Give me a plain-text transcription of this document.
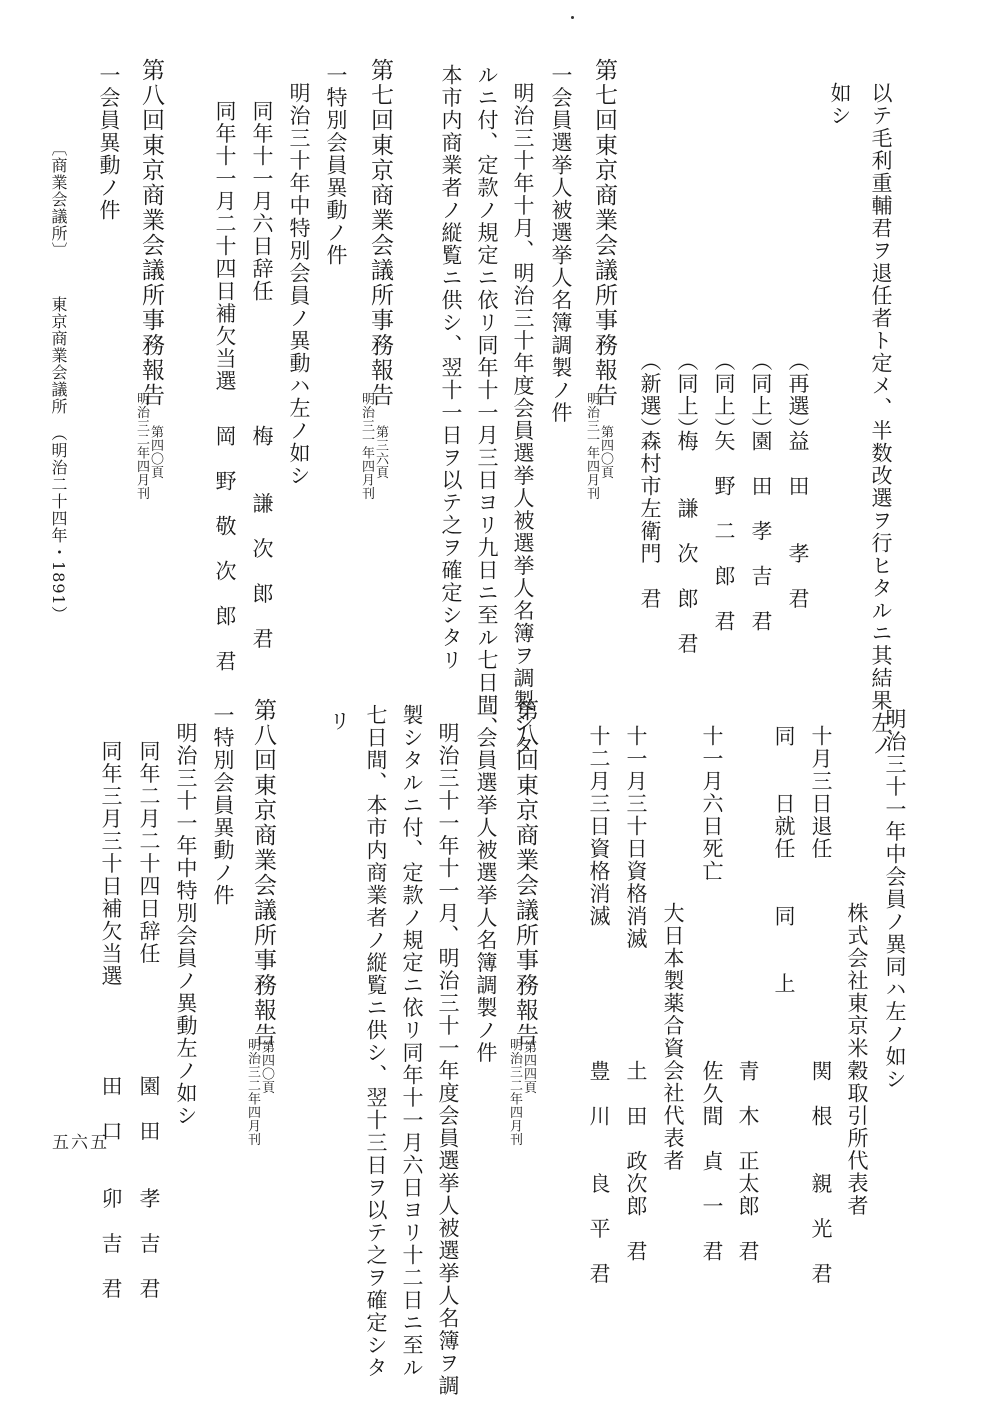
以テ毛利重輔君ヲ退任者ト定メ、半数改選ヲ行ヒタルニ其結果左ノ
如シ
（再選）
益　田　　孝　君
（同上）
園　田　孝　吉　君
（同上）
矢　野　二　郎　君
（同上）
梅　　謙　次　郎　君
（新選）
森村市左衛門　君
第七回東京商業会議所事務報告
第四〇頁
明治三一年四月刊
一会員選挙人被選挙人名簿調製ノ件
明治三十年十月、明治三十年度会員選挙人被選挙人名簿ヲ調製シタ
ルニ付、定款ノ規定ニ依リ同年十一月三日ヨリ九日ニ至ル七日間、
本市内商業者ノ縦覧ニ供シ、翌十一日ヲ以テ之ヲ確定シタリ
第七回東京商業会議所事務報告
第三六頁
明治三一年四月刊
一特別会員異動ノ件
明治三十年中特別会員ノ異動ハ左ノ如シ
同年十一月六日辞任
梅　　謙　次　郎　君
同年十一月二十四日補欠当選
岡　野　敬　次　郎　君
第八回東京商業会議所事務報告
第四〇頁
明治三二年四月刊
一会員異動ノ件
〔商業会議所〕
東京商業会議所
（明治二十四年・1891）
明治三十一年中会員ノ異同ハ左ノ如シ
十月三日退任
株式会社東京米穀取引所代表者
関　根　　親　光　君
同　　日就任
同　　上
青　木　正太郎　君
十一月六日死亡
佐久間　貞　一　君
十一月三十日資格消滅
大日本製薬合資会社代表者
土　田　政次郎　君
十二月三日資格消滅
豊　川　　良　平　君
第八回東京商業会議所事務報告
第四四頁
明治三二年四月刊
一会員選挙人被選挙人名簿調製ノ件
明治三十一年十一月、明治三十一年度会員選挙人被選挙人名簿ヲ調
製シタルニ付、定款ノ規定ニ依リ同年十一月六日ヨリ十二日ニ至ル
七日間、本市内商業者ノ縦覧ニ供シ、翌十三日ヲ以テ之ヲ確定シタ
リ
第八回東京商業会議所事務報告
第四〇頁
明治三二年四月刊
一特別会員異動ノ件
明治三十一年中特別会員ノ異動左ノ如シ
同年二月二十四日辞任
園　田　　孝　吉　君
同年三月三十日補欠当選
田　口　　卯　吉　君
五六五
